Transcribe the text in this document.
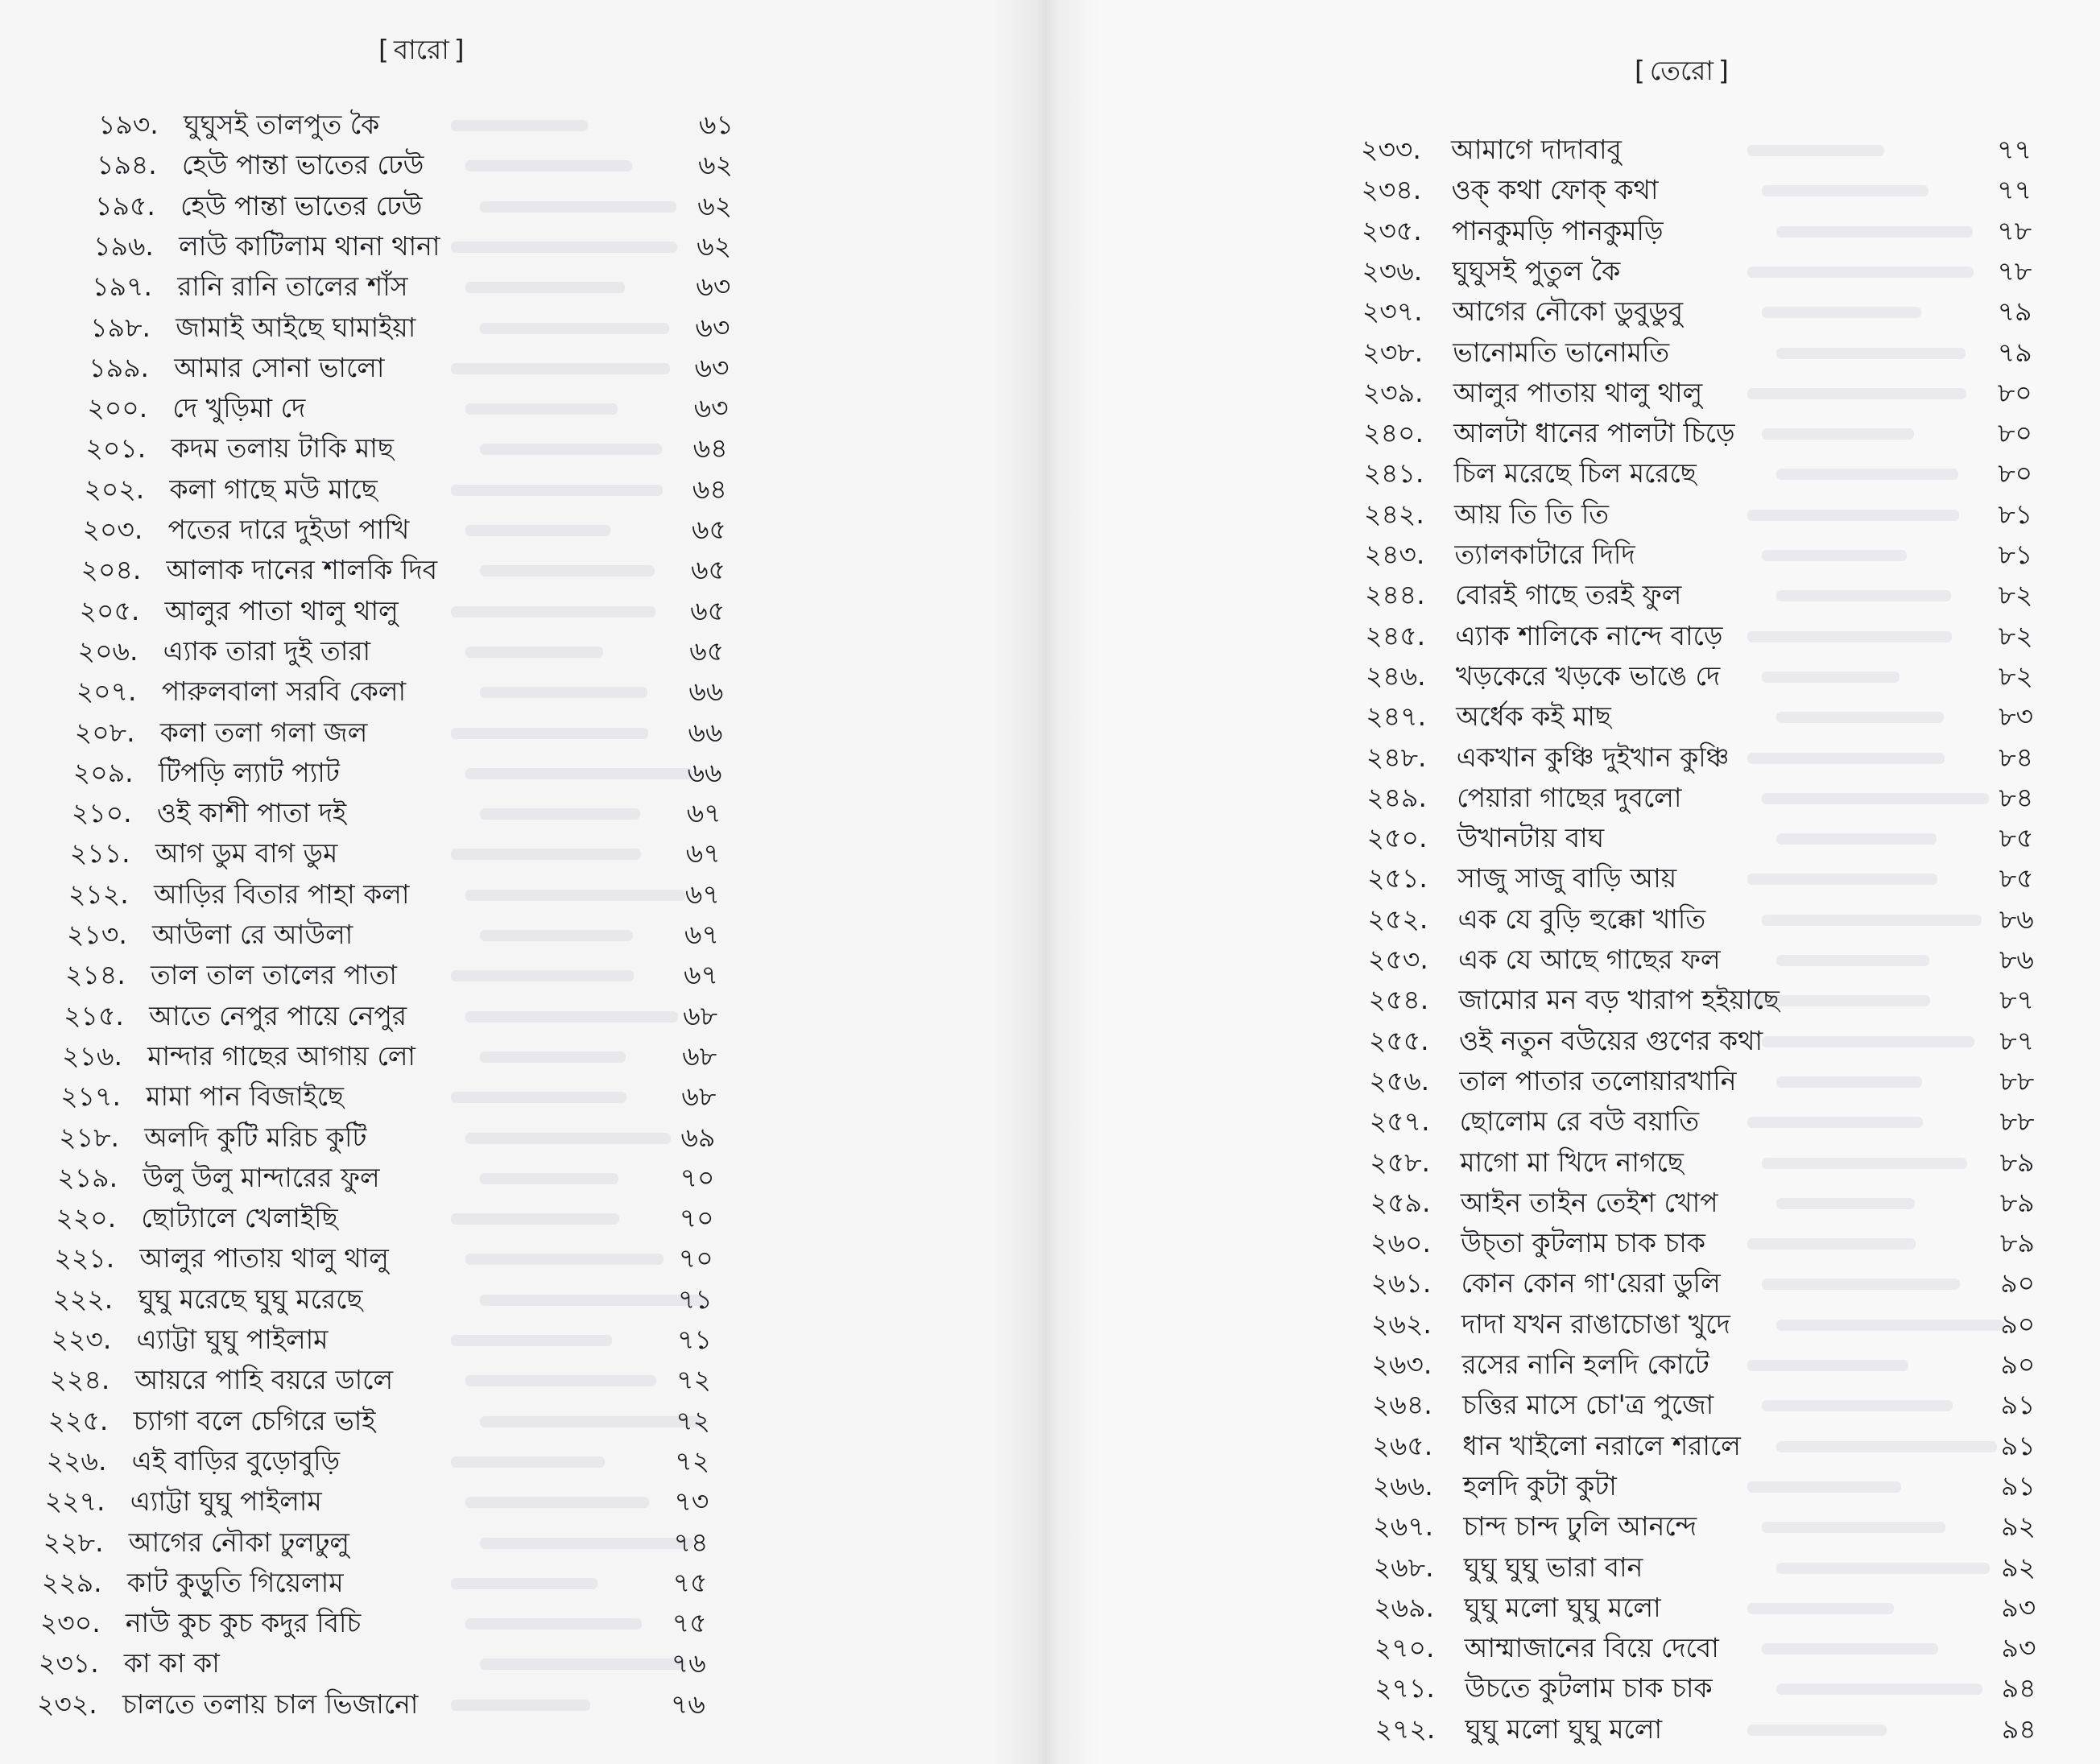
[ বারো ]
১৯৩. ঘুঘুসই তালপুত কৈ	৬১
১৯৪. হেউ পান্তা ভাতের ঢেউ	৬২
১৯৫. হেউ পান্তা ভাতের ঢেউ	৬২
১৯৬. লাউ কাটিলাম থানা থানা	৬২
১৯৭. রানি রানি তালের শাঁস	৬৩
১৯৮. জামাই আইছে ঘামাইয়া	৬৩
১৯৯. আমার সোনা ভালো	৬৩
২০০. দে খুড়িমা দে	৬৩
২০১. কদম তলায় টাকি মাছ	৬৪
২০২. কলা গাছে মউ মাছে	৬৪
২০৩. পতের দারে দুইডা পাখি	৬৫
২০৪. আলাক দানের শালকি দিব	৬৫
২০৫. আলুর পাতা থালু থালু	৬৫
২০৬. এ্যাক তারা দুই তারা	৬৫
২০৭. পারুলবালা সরবি কেলা	৬৬
২০৮. কলা তলা গলা জল	৬৬
২০৯. টিপড়ি ল্যাট প্যাট	৬৬
২১০. ওই কাশী পাতা দই	৬৭
২১১. আগ ডুম বাগ ডুম	৬৭
২১২. আড়ির বিতার পাহা কলা	৬৭
২১৩. আউলা রে আউলা	৬৭
২১৪. তাল তাল তালের পাতা	৬৭
২১৫. আতে নেপুর পায়ে নেপুর	৬৮
২১৬. মান্দার গাছের আগায় লো	৬৮
২১৭. মামা পান বিজাইছে	৬৮
২১৮. অলদি কুটি মরিচ কুটি	৬৯
২১৯. উলু উলু মান্দারের ফুল	৭০
২২০. ছোট্যালে খেলাইছি	৭০
২২১. আলুর পাতায় থালু থালু	৭০
২২২. ঘুঘু মরেছে ঘুঘু মরেছে	৭১
২২৩. এ্যাট্টা ঘুঘু পাইলাম	৭১
২২৪. আয়রে পাহি বয়রে ডালে	৭২
২২৫. চ্যাগা বলে চেগিরে ভাই	৭২
২২৬. এই বাড়ির বুড়োবুড়ি	৭২
২২৭. এ্যাট্টা ঘুঘু পাইলাম	৭৩
২২৮. আগের নৌকা ঢুলঢুলু	৭৪
২২৯. কাট কুড়ুতি গিয়েলাম	৭৫
২৩০. নাউ কুচ কুচ কদুর বিচি	৭৫
২৩১. কা কা কা	৭৬
২৩২. চালতে তলায় চাল ভিজানো	৭৬
[ তেরো ]
২৩৩. আমাগে দাদাবাবু	৭৭
২৩৪. ওক্ কথা ফোক্ কথা	৭৭
২৩৫. পানকুমড়ি পানকুমড়ি	৭৮
২৩৬. ঘুঘুসই পুতুল কৈ	৭৮
২৩৭. আগের নৌকো ডুবুডুবু	৭৯
২৩৮. ভানোমতি ভানোমতি	৭৯
২৩৯. আলুর পাতায় থালু থালু	৮০
২৪০. আলটা ধানের পালটা চিড়ে	৮০
২৪১. চিল মরেছে চিল মরেছে	৮০
২৪২. আয় তি তি তি	৮১
২৪৩. ত্যালকাটারে দিদি	৮১
২৪৪. বোরই গাছে তরই ফুল	৮২
২৪৫. এ্যাক শালিকে নান্দে বাড়ে	৮২
২৪৬. খড়কেরে খড়কে ভাঙে দে	৮২
২৪৭. অর্ধেক কই মাছ	৮৩
২৪৮. একখান কুঞ্চি দুইখান কুঞ্চি	৮৪
২৪৯. পেয়ারা গাছের দুবলো	৮৪
২৫০. উখানটায় বাঘ	৮৫
২৫১. সাজু সাজু বাড়ি আয়	৮৫
২৫২. এক যে বুড়ি হুক্কো খাতি	৮৬
২৫৩. এক যে আছে গাছের ফল	৮৬
২৫৪. জামোর মন বড় খারাপ হইয়াছে	৮৭
২৫৫. ওই নতুন বউয়ের গুণের কথা	৮৭
২৫৬. তাল পাতার তলোয়ারখানি	৮৮
২৫৭. ছোলোম রে বউ বয়াতি	৮৮
২৫৮. মাগো মা খিদে নাগছে	৮৯
২৫৯. আইন তাইন তেইশ খোপ	৮৯
২৬০. উচ্‌তা কুটলাম চাক চাক	৮৯
২৬১. কোন কোন গা'য়েরা ডুলি	৯০
২৬২. দাদা যখন রাঙাচোঙা খুদে	৯০
২৬৩. রসের নানি হলদি কোটে	৯০
২৬৪. চত্তির মাসে চো'ত্র পুজো	৯১
২৬৫. ধান খাইলো নরালে শরালে	৯১
২৬৬. হলদি কুটা কুটা	৯১
২৬৭. চান্দ চান্দ ঢুলি আনন্দে	৯২
২৬৮. ঘুঘু ঘুঘু ভারা বান	৯২
২৬৯. ঘুঘু মলো ঘুঘু মলো	৯৩
২৭০. আম্মাজানের বিয়ে দেবো	৯৩
২৭১. উচতে কুটলাম চাক চাক	৯৪
২৭২. ঘুঘু মলো ঘুঘু মলো	৯৪
